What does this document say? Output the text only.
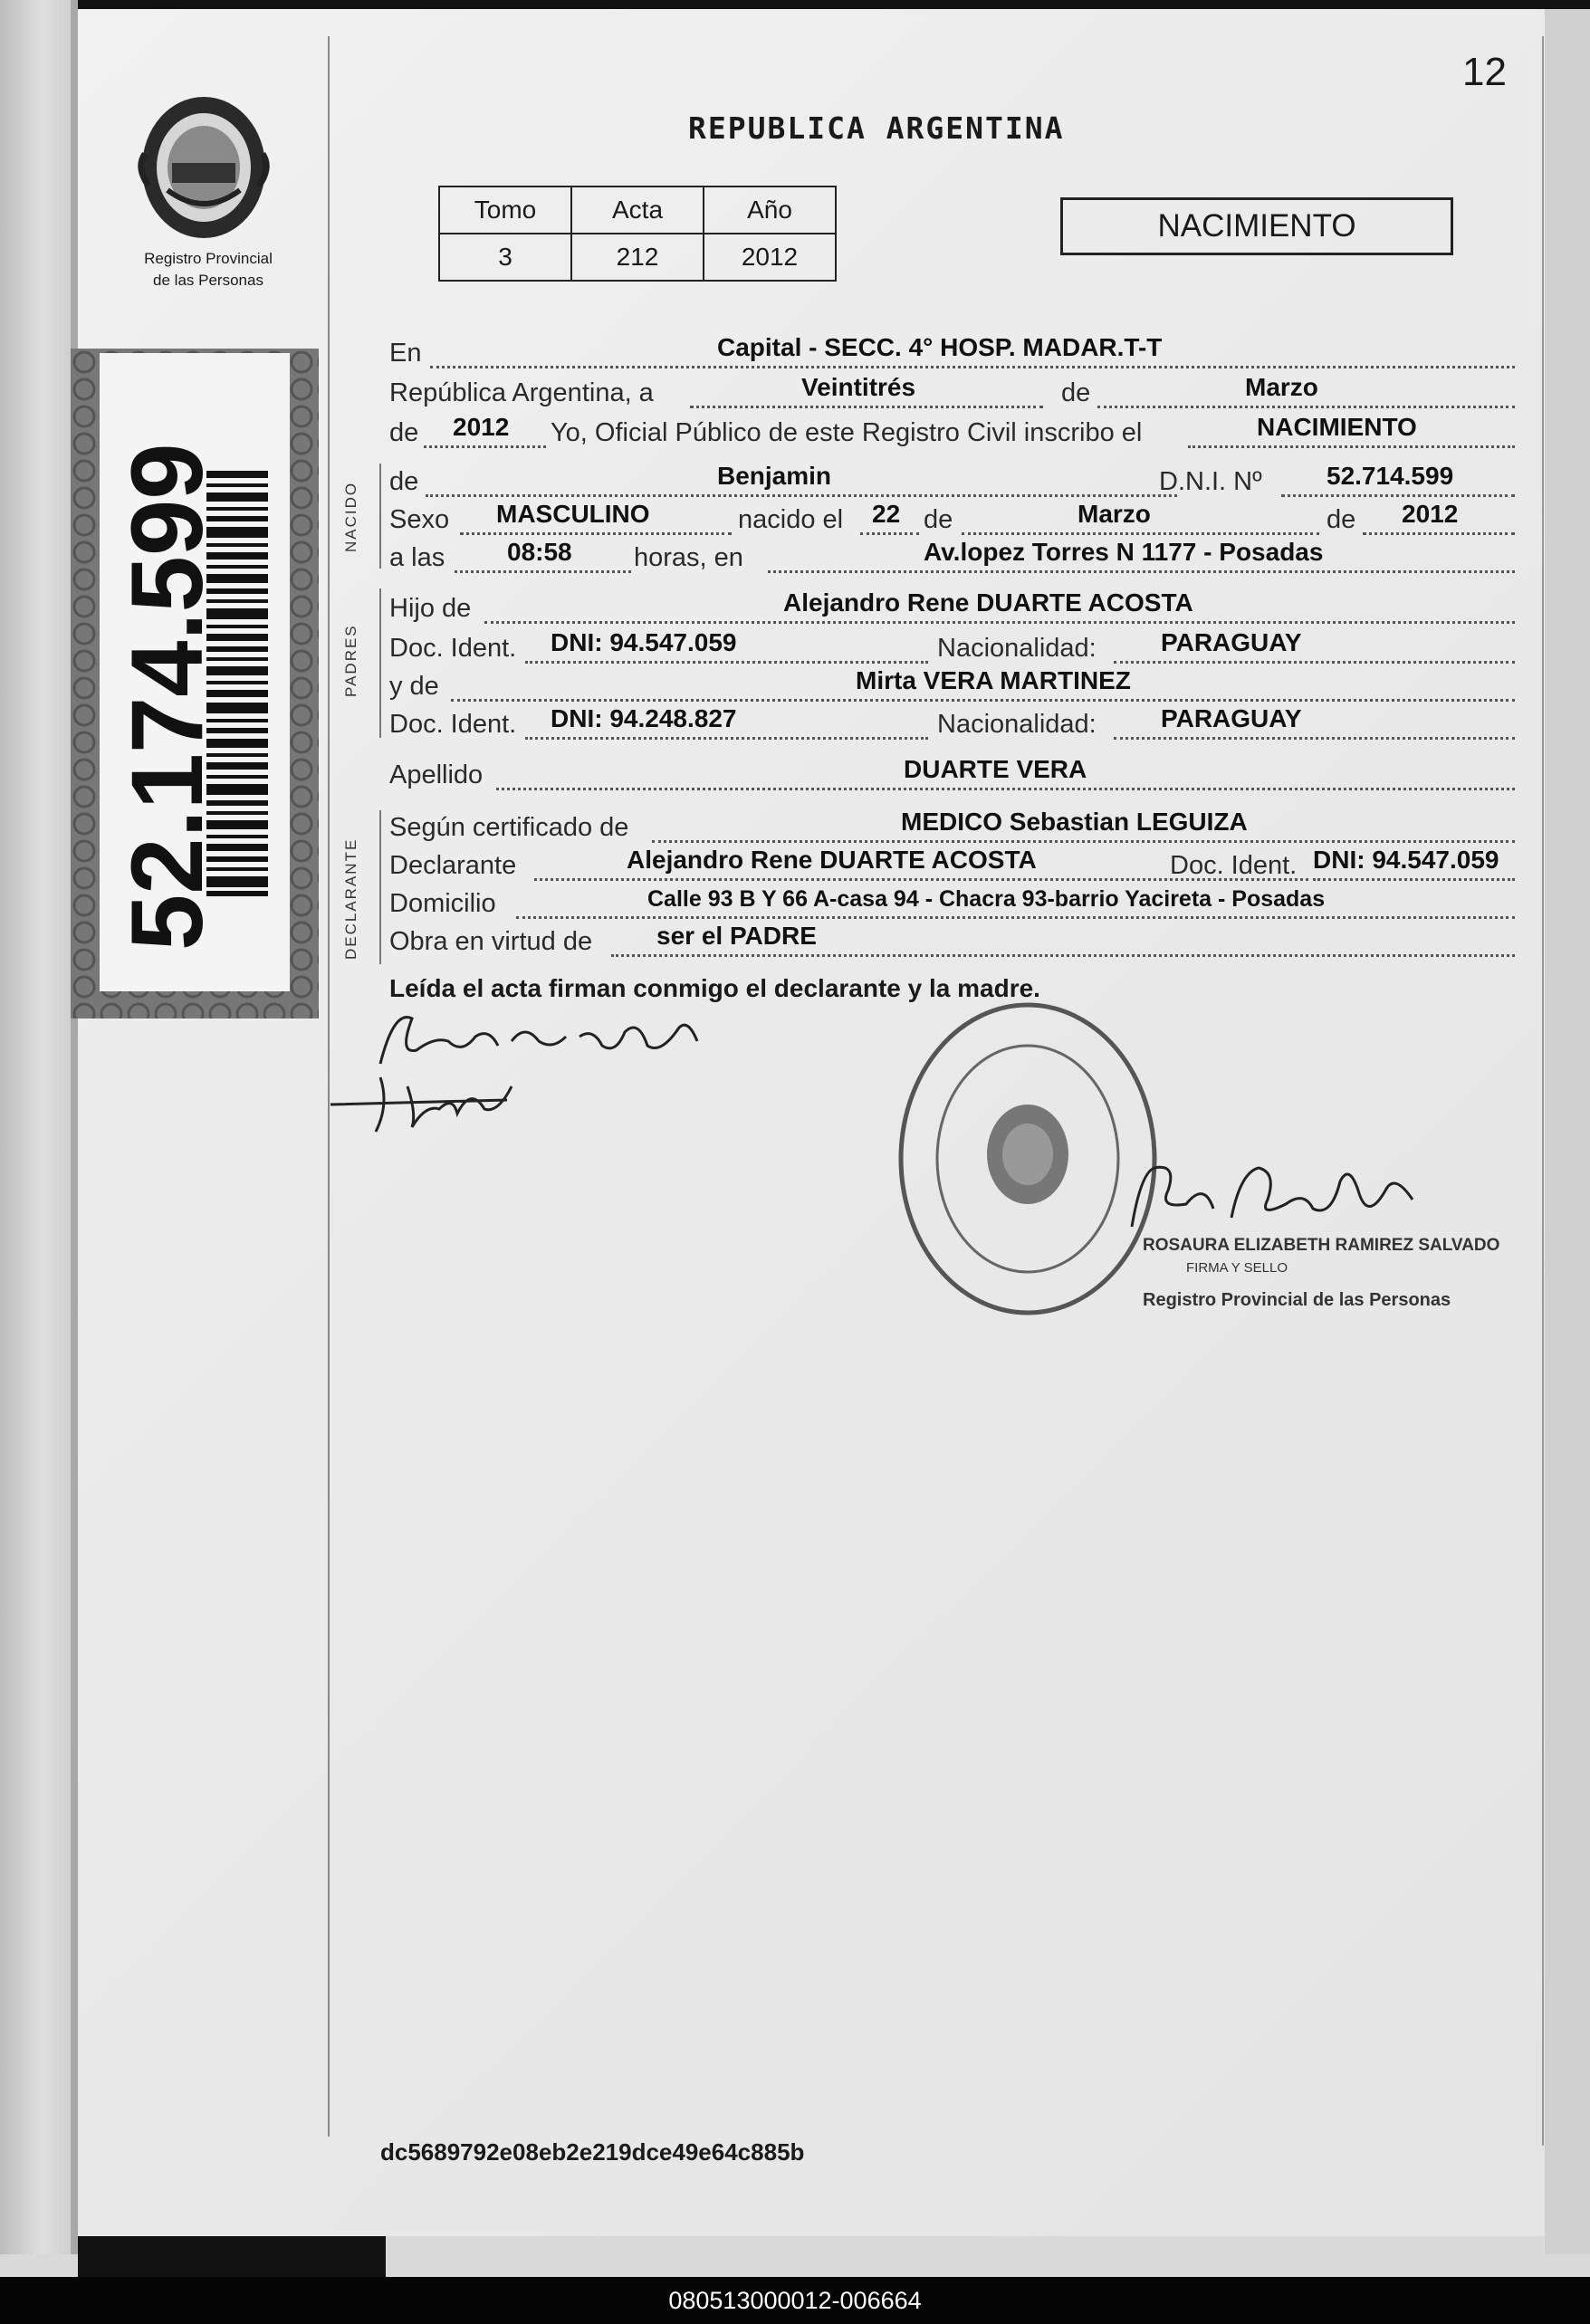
12
REPUBLICA ARGENTINA
Tomo	Acta	Año
3	212	2012
NACIMIENTO
Registro Provincial
de las Personas
52.174.599	NACIDO
PADRES
DECLARANTE
En	Capital - SECC. 4° HOSP. MADAR.T-T
República Argentina, a	Veintitrés	de	Marzo
de 2012 Yo, Oficial Público de este Registro Civil inscribo el	NACIMIENTO
de	Benjamin	D.N.I. Nº	52.714.599
Sexo MASCULINO	nacido el 22 de	Marzo	de 2012
a las 08:58 horas, en	Av.lopez Torres N 1177 - Posadas
Hijo de	Alejandro Rene DUARTE ACOSTA
Doc. Ident. DNI: 94.547.059	Nacionalidad:	PARAGUAY
y de	Mirta VERA MARTINEZ
Doc. Ident. DNI: 94.248.827	Nacionalidad:	PARAGUAY
Apellido	DUARTE VERA
Según certificado de	MEDICO Sebastian LEGUIZA
Declarante	Alejandro Rene DUARTE ACOSTA	Doc. Ident. DNI: 94.547.059
Domicilio	Calle 93 B Y 66 A-casa 94 - Chacra 93-barrio Yacireta - Posadas
Obra en virtud de	ser el PADRE
Leída el acta firman conmigo el declarante y la madre.
ROSAURA ELIZABETH RAMIREZ SALVADO
FIRMA Y SELLO
Registro Provincial de las Personas
dc5689792e08eb2e219dce49e64c885b
080513000012-006664
